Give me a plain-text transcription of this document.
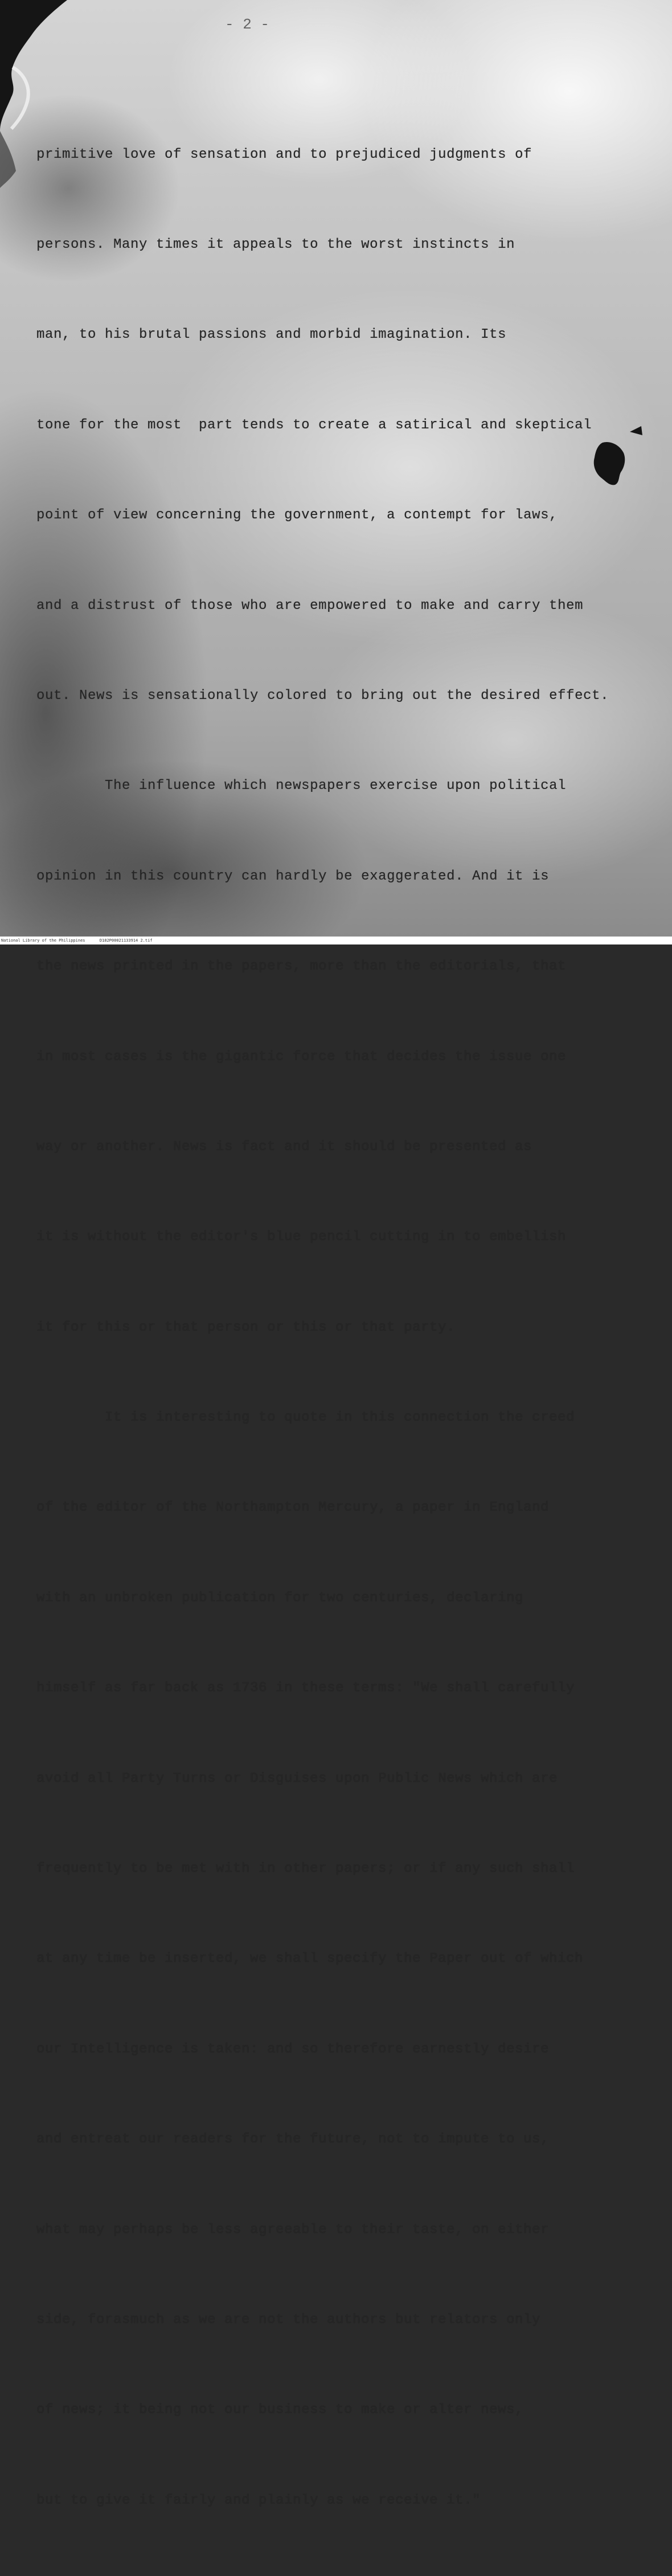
- 2 -

primitive love of sensation and to prejudiced judgments of

persons. Many times it appeals to the worst instincts in

man, to his brutal passions and morbid imagination. Its

tone for the most  part tends to create a satirical and skeptical

point of view concerning the government, a contempt for laws,

and a distrust of those who are empowered to make and carry them

out. News is sensationally colored to bring out the desired effect.

The influence which newspapers exercise upon political

opinion in this country can hardly be exaggerated. And it is

the news printed in the papers, more than the editorials, that

in most cases is the gigantic force that decides the issue one

way or another. News is fact and it should be presented as

it is without the editor's blue pencil cutting in to embellish

it for this or that person or this or that party.

It is interesting to quote in this connection the creed

of the editor of the Northampton Mercury, a paper in England

with an unbroken publication for two centuries, declaring

himself as far back as 1736 in these terms: "We shall carefully

avoid all Party Turns or Disguises upon Public News which are

frequently to be met with in other papers; or if any such shall

at any time be inserted, we shall specify the Paper out of which

our Intelligence is taken: and so therefore earnestly desire

and entreat our readers for the future, not to impute to us,

what may perhaps be less agreeable to their taste, on either

side, forasmuch as we are not the authors but relators only

of news; it being not our business to make or alter news,

but to give it fairly and plainly as we receive it."

National Library of the Philippines	D182P00021133914 2.tif
